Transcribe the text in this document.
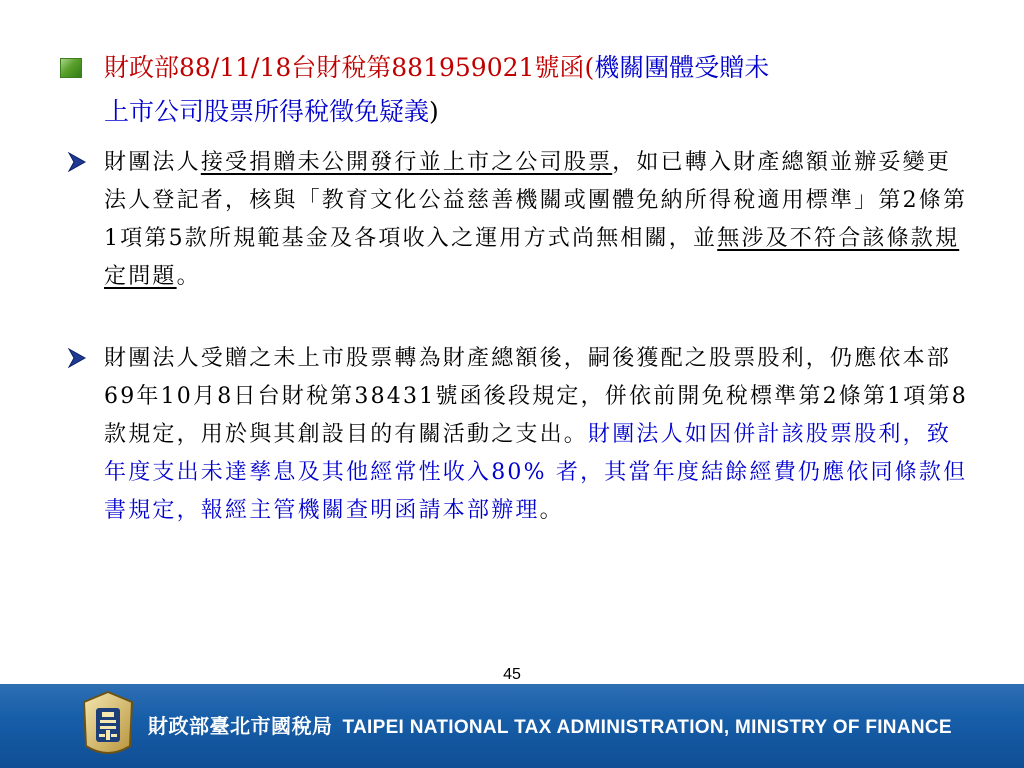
財政部88/11/18台財稅第881959021號函(機關團體受贈未
上市公司股票所得稅徵免疑義)
財團法人接受捐贈未公開發行並上市之公司股票，如已轉入財產總額並辦妥變更法人登記者，核與「教育文化公益慈善機關或團體免納所得稅適用標準」第2條第1項第5款所規範基金及各項收入之運用方式尚無相關，並無涉及不符合該條款規定問題。
財團法人受贈之未上市股票轉為財產總額後，嗣後獲配之股票股利，仍應依本部69年10月8日台財稅第38431號函後段規定，併依前開免稅標準第2條第1項第8款規定，用於與其創設目的有關活動之支出。財團法人如因併計該股票股利，致年度支出未達孳息及其他經常性收入80% 者，其當年度結餘經費仍應依同條款但書規定，報經主管機關查明函請本部辦理。
45
財政部臺北市國稅局 TAIPEI NATIONAL TAX ADMINISTRATION, MINISTRY OF FINANCE
